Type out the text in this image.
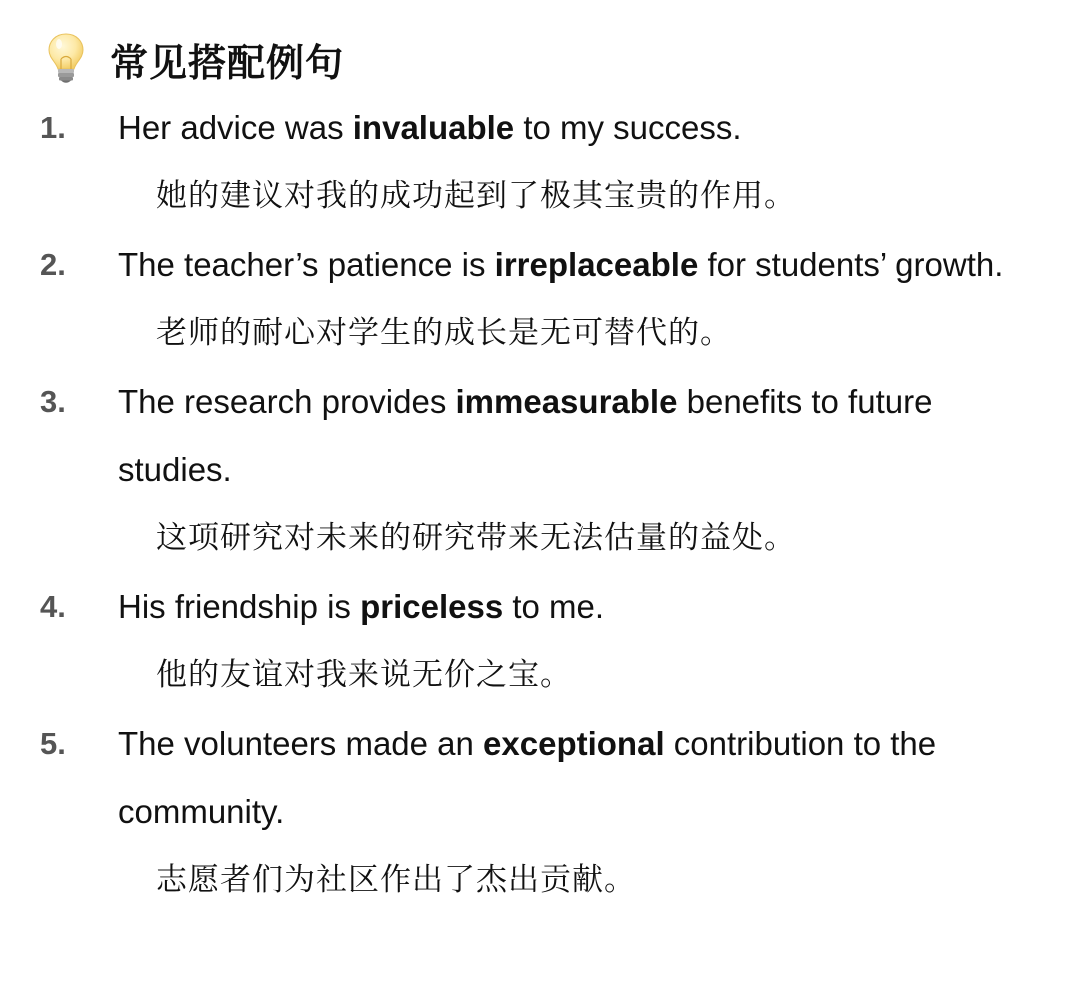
常见搭配例句
1.	Her advice was invaluable to my success.
她的建议对我的成功起到了极其宝贵的作用。
2.	The teacher’s patience is irreplaceable for students’ growth.
老师的耐心对学生的成长是无可替代的。
3.	The research provides immeasurable benefits to future studies.
这项研究对未来的研究带来无法估量的益处。
4.	His friendship is priceless to me.
他的友谊对我来说无价之宝。
5.	The volunteers made an exceptional contribution to the community.
志愿者们为社区作出了杰出贡献。
